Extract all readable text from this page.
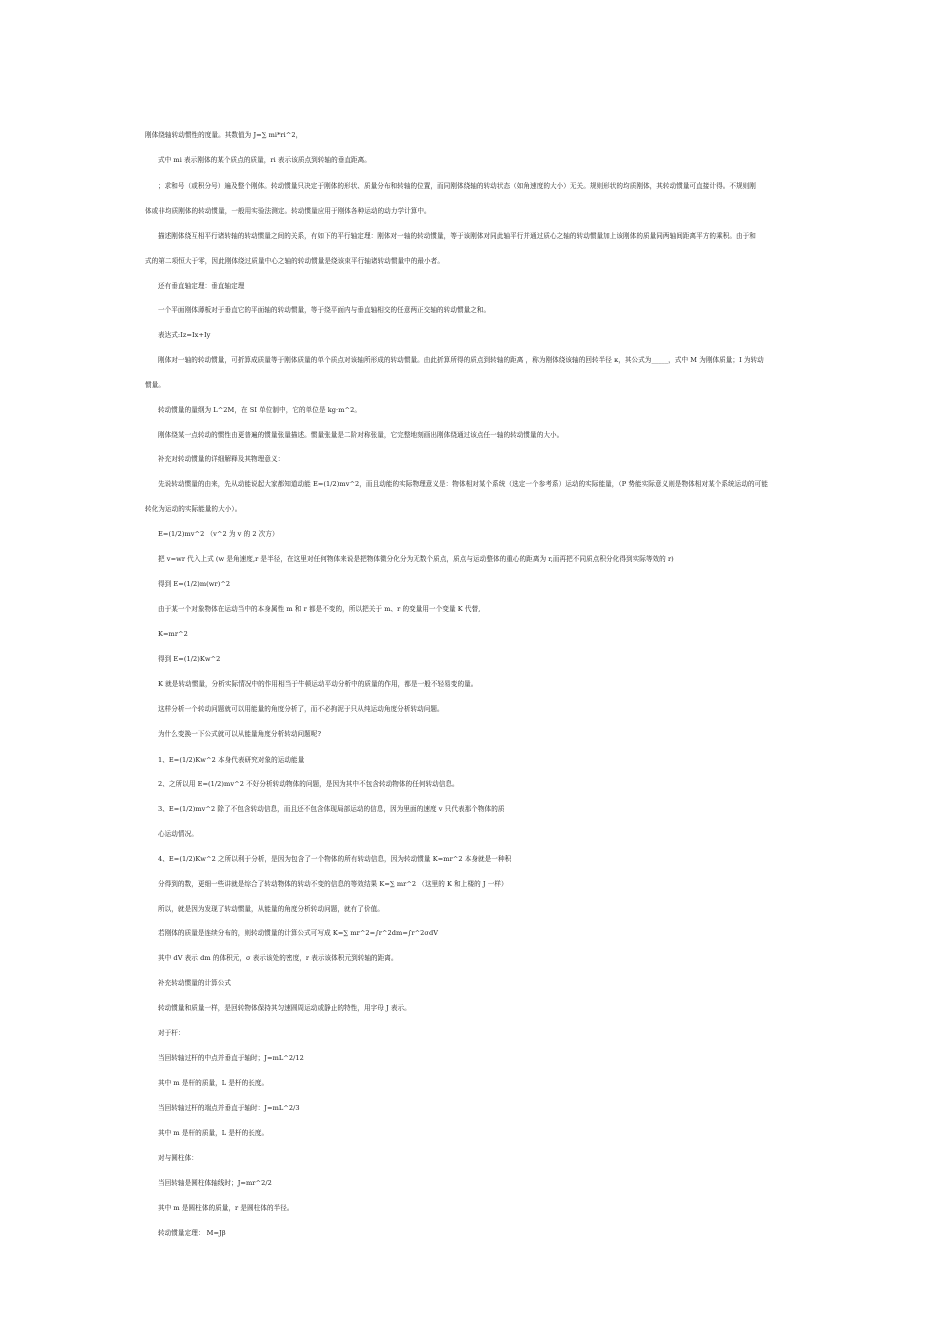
刚体绕轴转动惯性的度量。其数值为 J=∑ mi*ri^2，
式中 mi 表示刚体的某个质点的质量，ri 表示该质点到转轴的垂直距离。
；求和号（或积分号）遍及整个刚体。转动惯量只决定于刚体的形状、质量分布和转轴的位置，而同刚体绕轴的转动状态（如角速度的大小）无关。规则形状的均质刚体，其转动惯量可直接计得。不规则刚
体或非均质刚体的转动惯量，一般用实验法测定。转动惯量应用于刚体各种运动的动力学计算中。
描述刚体绕互相平行诸转轴的转动惯量之间的关系，有如下的平行轴定理：刚体对一轴的转动惯量，等于该刚体对同此轴平行并通过质心之轴的转动惯量加上该刚体的质量同两轴间距离平方的乘积。由于和
式的第二项恒大于零，因此刚体绕过质量中心之轴的转动惯量是绕该束平行轴诸转动惯量中的最小者。
还有垂直轴定理：垂直轴定理
一个平面刚体薄板对于垂直它的平面轴的转动惯量，等于绕平面内与垂直轴相交的任意两正交轴的转动惯量之和。
表达式:Iz=Ix+Iy
刚体对一轴的转动惯量，可折算成质量等于刚体质量的单个质点对该轴所形成的转动惯量。由此折算所得的质点到转轴的距离 ，称为刚体绕该轴的回转半径 κ，其公式为_____，式中 M 为刚体质量；I 为转动
惯量。
转动惯量的量纲为 L^2M，在 SI 单位制中，它的单位是 kg·m^2。
刚体绕某一点转动的惯性由更普遍的惯量张量描述。惯量张量是二阶对称张量，它完整地刻画出刚体绕通过该点任一轴的转动惯量的大小。
补充对转动惯量的详细解释及其物理意义：
先说转动惯量的由来，先从动能说起大家都知道动能 E=(1/2)mv^2，而且动能的实际物理意义是：物体相对某个系统（选定一个参考系）运动的实际能量，（P 势能实际意义则是物体相对某个系统运动的可能
转化为运动的实际能量的大小）。
E=(1/2)mv^2 （v^2 为 v 的 2 次方）
把 v=wr 代入上式 (w 是角速度,r 是半径，在这里对任何物体来说是把物体微分化分为无数个质点，质点与运动整体的重心的距离为 r,而再把不同质点积分化得到实际等效的 r)
得到 E=(1/2)m(wr)^2
由于某一个对象物体在运动当中的本身属性 m 和 r 都是不变的，所以把关于 m、r 的变量用一个变量 K 代替,
K=mr^2
得到 E=(1/2)Kw^2
K 就是转动惯量，分析实际情况中的作用相当于牛顿运动平动分析中的质量的作用，都是一般不轻易变的量。
这样分析一个转动问题就可以用能量的角度分析了，而不必拘泥于只从纯运动角度分析转动问题。
为什么变换一下公式就可以从能量角度分析转动问题呢?
1、E=(1/2)Kw^2 本身代表研究对象的运动能量
2、之所以用 E=(1/2)mv^2 不好分析转动物体的问题，是因为其中不包含转动物体的任何转动信息。
3、E=(1/2)mv^2 除了不包含转动信息，而且还不包含体现局部运动的信息，因为里面的速度 v 只代表那个物体的质
心运动情况。
4、E=(1/2)Kw^2 之所以利于分析，是因为包含了一个物体的所有转动信息，因为转动惯量 K=mr^2 本身就是一种积
分得到的数，更细一些讲就是综合了转动物体的转动不变的信息的等效结果 K=∑ mr^2 （这里的 K 和上楼的 J 一样）
所以，就是因为发现了转动惯量，从能量的角度分析转动问题，就有了价值。
若刚体的质量是连续分布的，则转动惯量的计算公式可写成 K=∑ mr^2=∫r^2dm=∫r^2σdV
其中 dV 表示 dm 的体积元，σ 表示该处的密度，r 表示该体积元到转轴的距离。
补充转动惯量的计算公式
转动惯量和质量一样，是回转物体保持其匀速圆周运动或静止的特性，用字母 J 表示。
对于杆：
当回转轴过杆的中点并垂直于轴时；J=mL^2/12
其中 m 是杆的质量，L 是杆的长度。
当回转轴过杆的端点并垂直于轴时：J=mL^2/3
其中 m 是杆的质量，L 是杆的长度。
对与圆柱体：
当回转轴是圆柱体轴线时；J=mr^2/2
其中 m 是圆柱体的质量，r 是圆柱体的半径。
转动惯量定理： M=Jβ
